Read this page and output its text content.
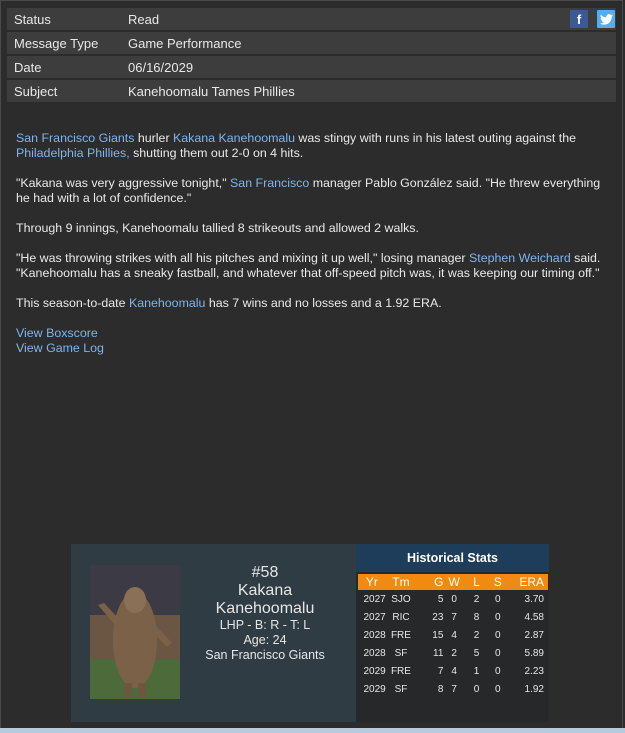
Status	Read
Message Type	Game Performance
Date	06/16/2029
Subject	Kanehoomalu Tames Phillies
f

San Francisco Giants hurler Kakana Kanehoomalu was stingy with runs in his latest outing against the Philadelphia Phillies, shutting them out 2-0 on 4 hits.

"Kakana was very aggressive tonight," San Francisco manager Pablo González said. "He threw everything he had with a lot of confidence."

Through 9 innings, Kanehoomalu tallied 8 strikeouts and allowed 2 walks.

"He was throwing strikes with all his pitches and mixing it up well," losing manager Stephen Weichard said. "Kanehoomalu has a sneaky fastball, and whatever that off-speed pitch was, it was keeping our timing off."

This season-to-date Kanehoomalu has 7 wins and no losses and a 1.92 ERA.

View Boxscore
View Game Log
#58
Kakana
Kanehoomalu
LHP - B: R - T: L
Age: 24
San Francisco Giants
Historical Stats
Yr	Tm	G	W	L	S	ERA
2027	SJO	5	0	2	0	3.70
2027	RIC	23	7	8	0	4.58
2028	FRE	15	4	2	0	2.87
2028	SF	11	2	5	0	5.89
2029	FRE	7	4	1	0	2.23
2029	SF	8	7	0	0	1.92
